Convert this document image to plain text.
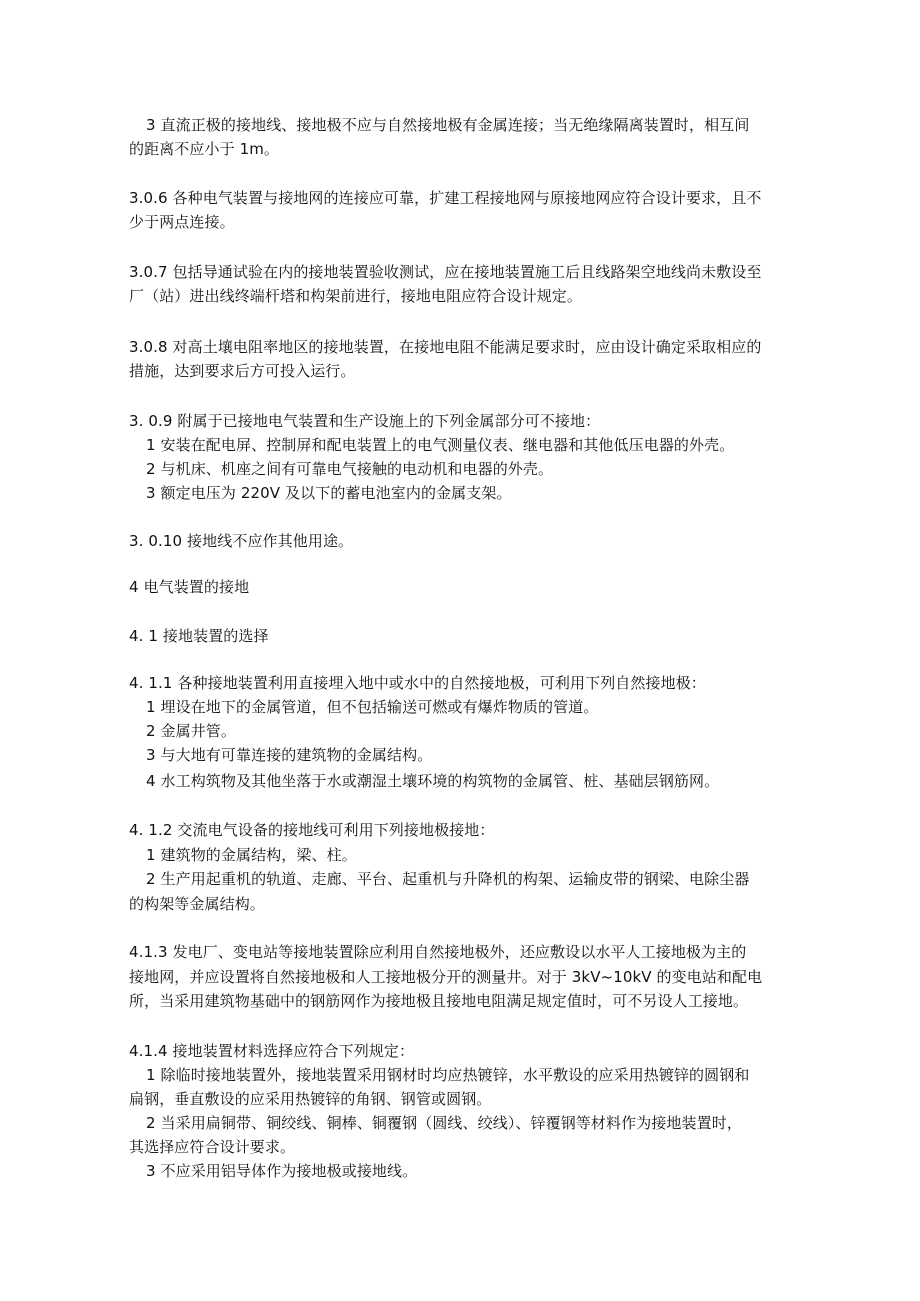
3 直流正极的接地线、接地极不应与自然接地极有金属连接；当无绝缘隔离装置时，相互间
的距离不应小于 1m。
3.0.6 各种电气装置与接地网的连接应可靠，扩建工程接地网与原接地网应符合设计要求，且不
少于两点连接。
3.0.7 包括导通试验在内的接地装置验收测试，应在接地装置施工后且线路架空地线尚未敷设至
厂（站）进出线终端杆塔和构架前进行，接地电阻应符合设计规定。
3.0.8 对高土壤电阻率地区的接地装置，在接地电阻不能满足要求时，应由设计确定采取相应的
措施，达到要求后方可投入运行。
3. 0.9 附属于已接地电气装置和生产设施上的下列金属部分可不接地：
1 安装在配电屏、控制屏和配电装置上的电气测量仪表、继电器和其他低压电器的外壳。
2 与机床、机座之间有可靠电气接触的电动机和电器的外壳。
3 额定电压为 220V 及以下的蓄电池室内的金属支架。
3. 0.10 接地线不应作其他用途。
4 电气装置的接地
4. 1 接地装置的选择
4. 1.1 各种接地装置利用直接埋入地中或水中的自然接地极，可利用下列自然接地极：
1 埋设在地下的金属管道，但不包括输送可燃或有爆炸物质的管道。
2 金属井管。
3 与大地有可靠连接的建筑物的金属结构。
4 水工构筑物及其他坐落于水或潮湿土壤环境的构筑物的金属管、桩、基础层钢筋网。
4. 1.2 交流电气设备的接地线可利用下列接地极接地：
1 建筑物的金属结构，梁、柱。
2 生产用起重机的轨道、走廊、平台、起重机与升降机的构架、运输皮带的钢梁、电除尘器
的构架等金属结构。
4.1.3 发电厂、变电站等接地装置除应利用自然接地极外，还应敷设以水平人工接地极为主的
接地网，并应设置将自然接地极和人工接地极分开的测量井。对于 3kV~10kV 的变电站和配电
所，当采用建筑物基础中的钢筋网作为接地极且接地电阻满足规定值时，可不另设人工接地。
4.1.4 接地装置材料选择应符合下列规定：
1 除临时接地装置外，接地装置采用钢材时均应热镀锌，水平敷设的应采用热镀锌的圆钢和
扁钢，垂直敷设的应采用热镀锌的角钢、钢管或圆钢。
2 当采用扁铜带、铜绞线、铜棒、铜覆钢（圆线、绞线）、锌覆钢等材料作为接地装置时，
其选择应符合设计要求。
3 不应采用铝导体作为接地极或接地线。
